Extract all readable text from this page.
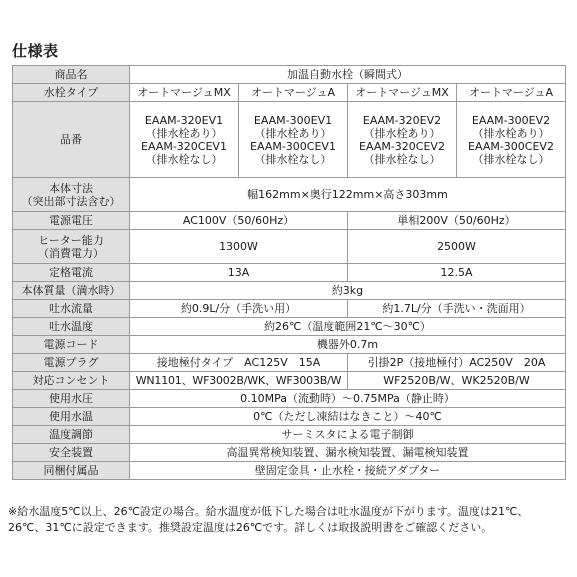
仕様表
商品名	加温自動水栓（瞬間式）			
水栓タイプ	オートマージュMX	オートマージュA	オートマージュMX	オートマージュA
品番	EAAM-320EV1
（排水栓あり）
EAAM-320CEV1
（排水栓なし）	EAAM-300EV1
（排水栓あり）
EAAM-300CEV1
（排水栓なし）	EAAM-320EV2
（排水栓あり）
EAAM-320CEV2
（排水栓なし）	EAAM-300EV2
（排水栓あり）
EAAM-300CEV2
（排水栓なし）

本体寸法
（突出部寸法含む）	幅162mm×奥行122mm×高さ303mm			
電源電圧	AC100V（50/60Hz）		単相200V（50/60Hz）	

ヒーター能力
（消費電力）	1300W		2500W	
定格電流	13A		12.5A	
本体質量（満水時）	約3kg			
吐水流量	約0.9L/分（手洗い用）		約1.7L/分（手洗い・洗面用）	
吐水温度	約26℃（温度範囲21℃〜30℃）			
電源コード	機器外0.7m			
電源プラグ	接地極付タイプ　AC125V　15A		引掛2P（接地極付）AC250V　20A	
対応コンセント	WN1101、WF3002B/WK、WF3003B/W		WF2520B/W、WK2520B/W	
使用水圧	0.10MPa（流動時）〜0.75MPa（静止時）			
使用水温	0℃（ただし凍結はなきこと）〜40℃			
温度調節	サーミスタによる電子制御			
安全装置	高温異常検知装置、漏水検知装置、漏電検知装置			
同梱付属品	壁固定金具・止水栓・接続アダプター			
※給水温度5℃以上、26℃設定の場合。給水温度が低下した場合は吐水温度が下がります。温度は21℃、
26℃、31℃に設定できます。推奨設定温度は26℃です。詳しくは取扱説明書をご確認ください。
